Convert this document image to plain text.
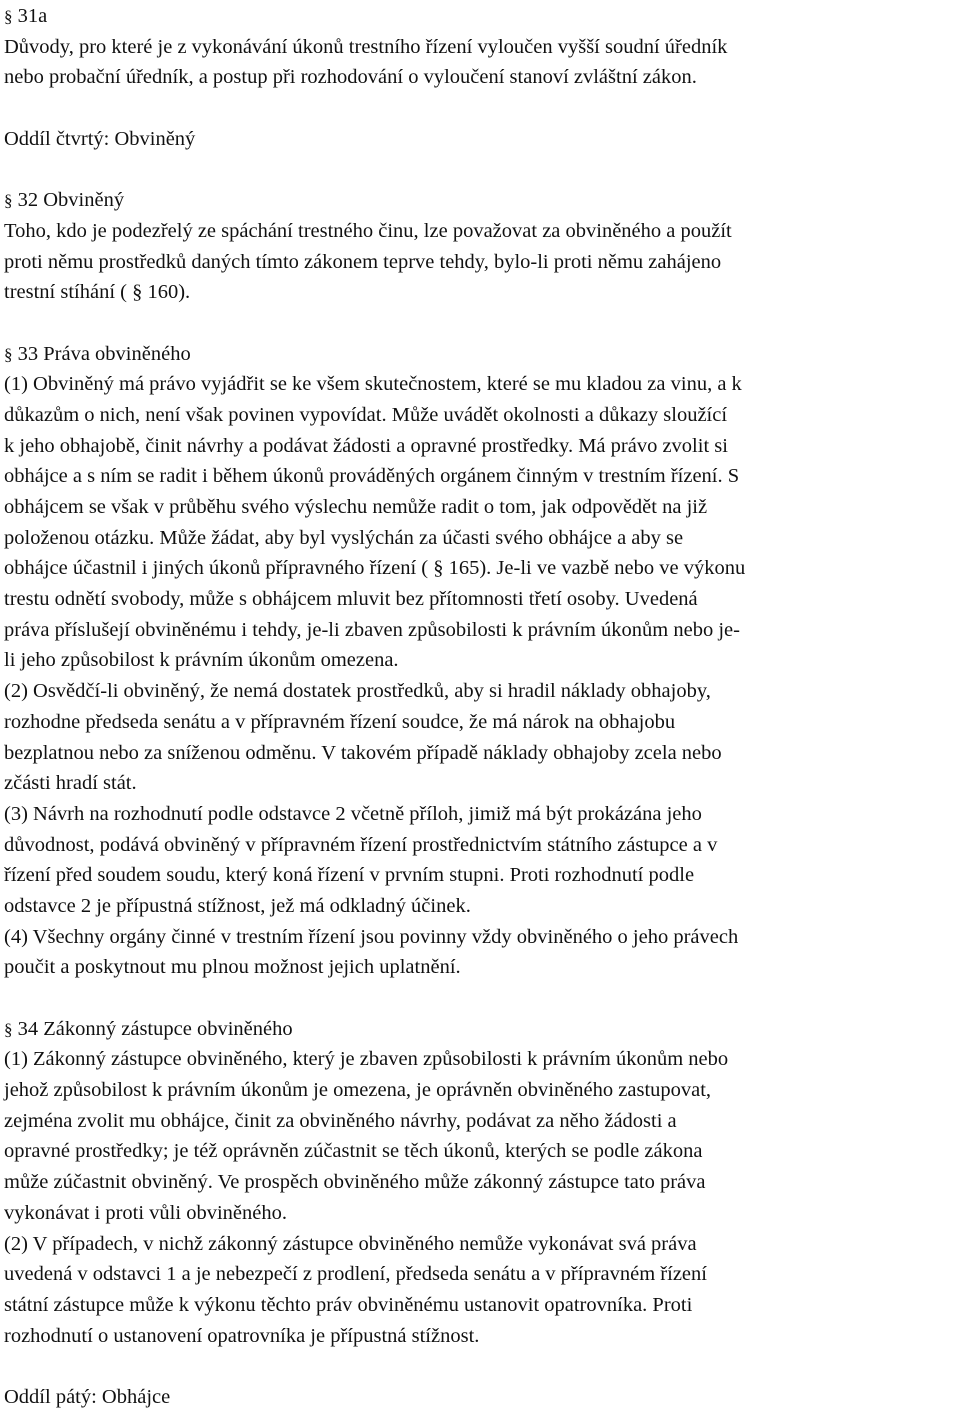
§ 31a
Důvody, pro které je z vykonávání úkonů trestního řízení vyloučen vyšší soudní úředník
nebo probační úředník, a postup při rozhodování o vyloučení stanoví zvláštní zákon.
Oddíl čtvrtý: Obviněný
§ 32 Obviněný
Toho, kdo je podezřelý ze spáchání trestného činu, lze považovat za obviněného a použít
proti němu prostředků daných tímto zákonem teprve tehdy, bylo-li proti němu zahájeno
trestní stíhání ( § 160).
§ 33 Práva obviněného
(1) Obviněný má právo vyjádřit se ke všem skutečnostem, které se mu kladou za vinu, a k
důkazům o nich, není však povinen vypovídat. Může uvádět okolnosti a důkazy sloužící
k jeho obhajobě, činit návrhy a podávat žádosti a opravné prostředky. Má právo zvolit si
obhájce a s ním se radit i během úkonů prováděných orgánem činným v trestním řízení. S
obhájcem se však v průběhu svého výslechu nemůže radit o tom, jak odpovědět na již
položenou otázku. Může žádat, aby byl vyslýchán za účasti svého obhájce a aby se
obhájce účastnil i jiných úkonů přípravného řízení ( § 165). Je-li ve vazbě nebo ve výkonu
trestu odnětí svobody, může s obhájcem mluvit bez přítomnosti třetí osoby. Uvedená
práva příslušejí obviněnému i tehdy, je-li zbaven způsobilosti k právním úkonům nebo je-
li jeho způsobilost k právním úkonům omezena.
(2) Osvědčí-li obviněný, že nemá dostatek prostředků, aby si hradil náklady obhajoby,
rozhodne předseda senátu a v přípravném řízení soudce, že má nárok na obhajobu
bezplatnou nebo za sníženou odměnu. V takovém případě náklady obhajoby zcela nebo
zčásti hradí stát.
(3) Návrh na rozhodnutí podle odstavce 2 včetně příloh, jimiž má být prokázána jeho
důvodnost, podává obviněný v přípravném řízení prostřednictvím státního zástupce a v
řízení před soudem soudu, který koná řízení v prvním stupni. Proti rozhodnutí podle
odstavce 2 je přípustná stížnost, jež má odkladný účinek.
(4) Všechny orgány činné v trestním řízení jsou povinny vždy obviněného o jeho právech
poučit a poskytnout mu plnou možnost jejich uplatnění.
§ 34 Zákonný zástupce obviněného
(1) Zákonný zástupce obviněného, který je zbaven způsobilosti k právním úkonům nebo
jehož způsobilost k právním úkonům je omezena, je oprávněn obviněného zastupovat,
zejména zvolit mu obhájce, činit za obviněného návrhy, podávat za něho žádosti a
opravné prostředky; je též oprávněn zúčastnit se těch úkonů, kterých se podle zákona
může zúčastnit obviněný. Ve prospěch obviněného může zákonný zástupce tato práva
vykonávat i proti vůli obviněného.
(2) V případech, v nichž zákonný zástupce obviněného nemůže vykonávat svá práva
uvedená v odstavci 1 a je nebezpečí z prodlení, předseda senátu a v přípravném řízení
státní zástupce může k výkonu těchto práv obviněnému ustanovit opatrovníka. Proti
rozhodnutí o ustanovení opatrovníka je přípustná stížnost.
Oddíl pátý: Obhájce
